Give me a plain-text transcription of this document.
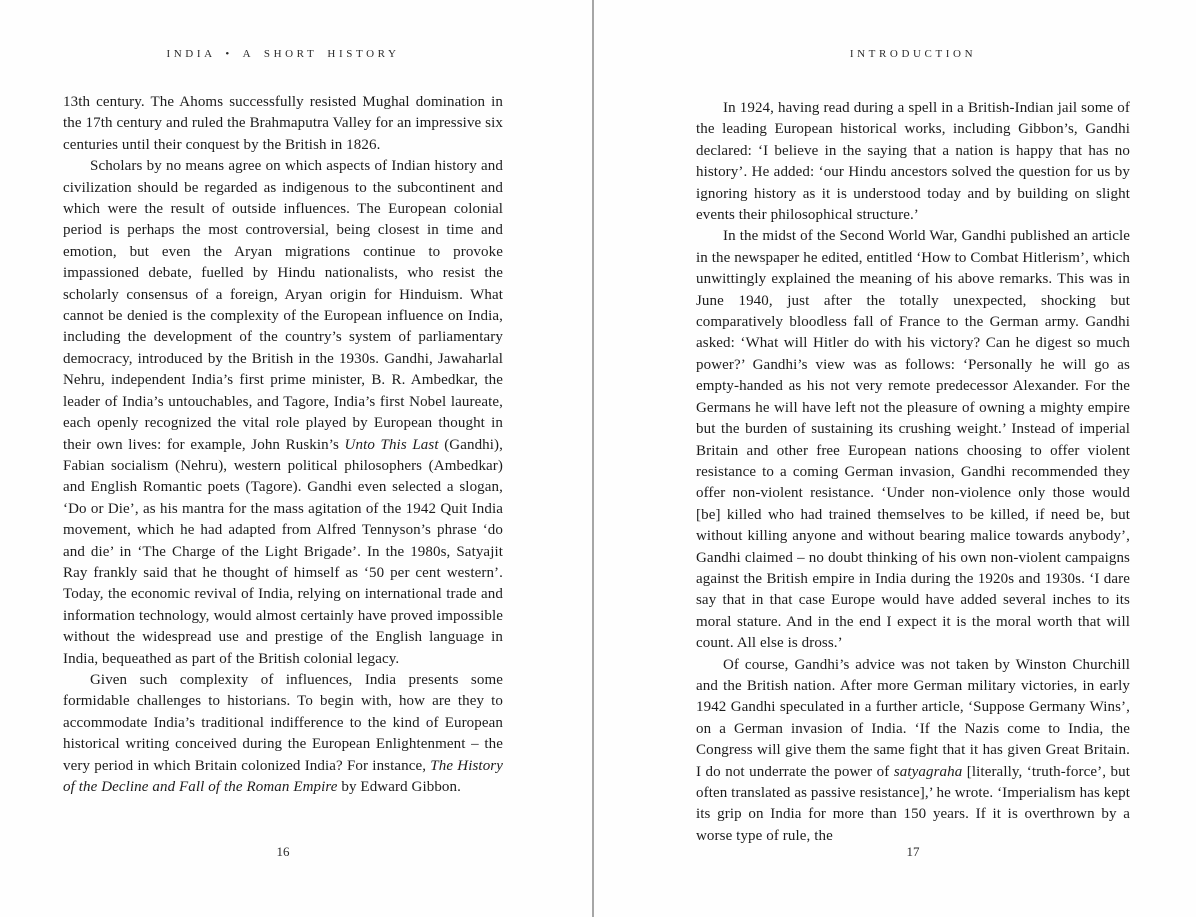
INDIA • A SHORT HISTORY

13th century. The Ahoms successfully resisted Mughal domination in the 17th century and ruled the Brahmaputra Valley for an impressive six centuries until their conquest by the British in 1826.

Scholars by no means agree on which aspects of Indian history and civilization should be regarded as indigenous to the subcontinent and which were the result of outside influences. The European colonial period is perhaps the most controversial, being closest in time and emotion, but even the Aryan migrations continue to provoke impassioned debate, fuelled by Hindu nationalists, who resist the scholarly consensus of a foreign, Aryan origin for Hinduism. What cannot be denied is the complexity of the European influence on India, including the development of the country’s system of parliamentary democracy, introduced by the British in the 1930s. Gandhi, Jawaharlal Nehru, independent India’s first prime minister, B. R. Ambedkar, the leader of India’s untouchables, and Tagore, India’s first Nobel laureate, each openly recognized the vital role played by European thought in their own lives: for example, John Ruskin’s Unto This Last (Gandhi), Fabian socialism (Nehru), western political philosophers (Ambedkar) and English Romantic poets (Tagore). Gandhi even selected a slogan, ‘Do or Die’, as his mantra for the mass agitation of the 1942 Quit India movement, which he had adapted from Alfred Tennyson’s phrase ‘do and die’ in ‘The Charge of the Light Brigade’. In the 1980s, Satyajit Ray frankly said that he thought of himself as ‘50 per cent western’. Today, the economic revival of India, relying on international trade and information technology, would almost certainly have proved impossible without the widespread use and prestige of the English language in India, bequeathed as part of the British colonial legacy.

Given such complexity of influences, India presents some formidable challenges to historians. To begin with, how are they to accommodate India’s traditional indifference to the kind of European historical writing conceived during the European Enlightenment – the very period in which Britain colonized India? For instance, The History of the Decline and Fall of the Roman Empire by Edward Gibbon.

16
INTRODUCTION

In 1924, having read during a spell in a British-Indian jail some of the leading European historical works, including Gibbon’s, Gandhi declared: ‘I believe in the saying that a nation is happy that has no history’. He added: ‘our Hindu ancestors solved the question for us by ignoring history as it is understood today and by building on slight events their philosophical structure.’

In the midst of the Second World War, Gandhi published an article in the newspaper he edited, entitled ‘How to Combat Hitlerism’, which unwittingly explained the meaning of his above remarks. This was in June 1940, just after the totally unexpected, shocking but comparatively bloodless fall of France to the German army. Gandhi asked: ‘What will Hitler do with his victory? Can he digest so much power?’ Gandhi’s view was as follows: ‘Personally he will go as empty-handed as his not very remote predecessor Alexander. For the Germans he will have left not the pleasure of owning a mighty empire but the burden of sustaining its crushing weight.’ Instead of imperial Britain and other free European nations choosing to offer violent resistance to a coming German invasion, Gandhi recommended they offer non-violent resistance. ‘Under non-violence only those would [be] killed who had trained themselves to be killed, if need be, but without killing anyone and without bearing malice towards anybody’, Gandhi claimed – no doubt thinking of his own non-violent campaigns against the British empire in India during the 1920s and 1930s. ‘I dare say that in that case Europe would have added several inches to its moral stature. And in the end I expect it is the moral worth that will count. All else is dross.’

Of course, Gandhi’s advice was not taken by Winston Churchill and the British nation. After more German military victories, in early 1942 Gandhi speculated in a further article, ‘Suppose Germany Wins’, on a German invasion of India. ‘If the Nazis come to India, the Congress will give them the same fight that it has given Great Britain. I do not underrate the power of satyagraha [literally, ‘truth-force’, but often translated as passive resistance],’ he wrote. ‘Imperialism has kept its grip on India for more than 150 years. If it is overthrown by a worse type of rule, the

17
